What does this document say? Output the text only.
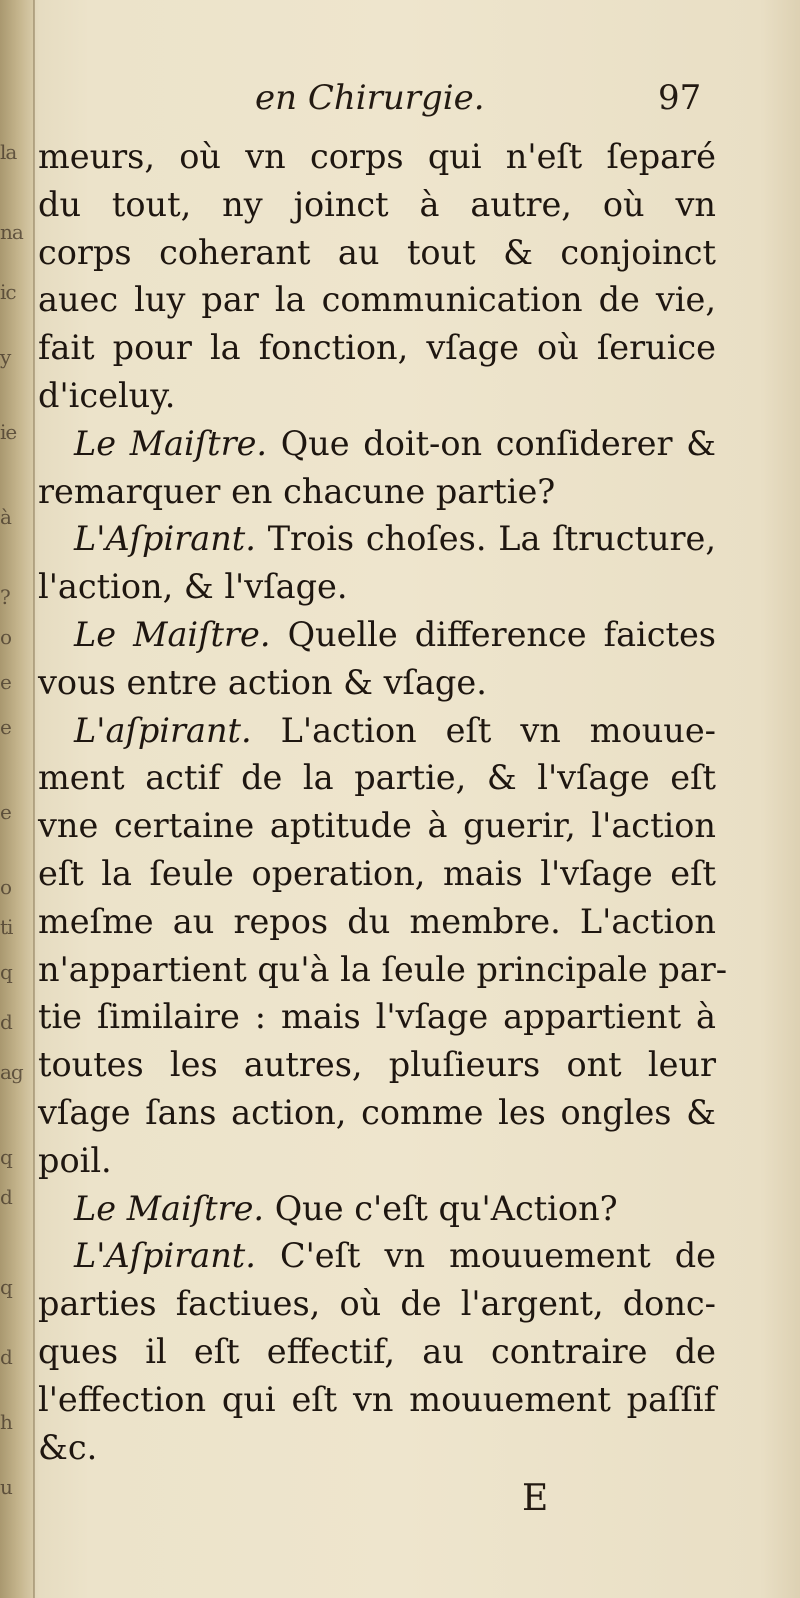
la
na
ic
y
ie
à
?
o
e
e
e
o
ti
q
d
ag
q
d
q
d
h
u
en Chirurgie.	97
meurs, où vn corps qui n'eſt ſeparé
du tout, ny joinct à autre, où vn
corps coherant au tout & conjoinct
auec luy par la communication de vie,
fait pour la fonction, vſage où ſeruice
d'iceluy.
Le Maiſtre. Que doit-on conſiderer &
remarquer en chacune partie?
L'Aſpirant. Trois choſes. La ſtructure,
l'action, & l'vſage.
Le Maiſtre. Quelle difference faictes
vous entre action & vſage.
L'aſpirant. L'action eſt vn mouue-
ment actif de la partie, & l'vſage eſt
vne certaine aptitude à guerir, l'action
eſt la ſeule operation, mais l'vſage eſt
meſme au repos du membre. L'action
n'appartient qu'à la ſeule principale par-
tie ſimilaire : mais l'vſage appartient à
toutes les autres, pluſieurs ont leur
vſage ſans action, comme les ongles &
poil.
Le Maiſtre. Que c'eſt qu'Action?
L'Aſpirant. C'eſt vn mouuement de
parties factiues, où de l'argent, donc-
ques il eſt effectif, au contraire de
l'effection qui eſt vn mouuement paſſif
&c.
E
